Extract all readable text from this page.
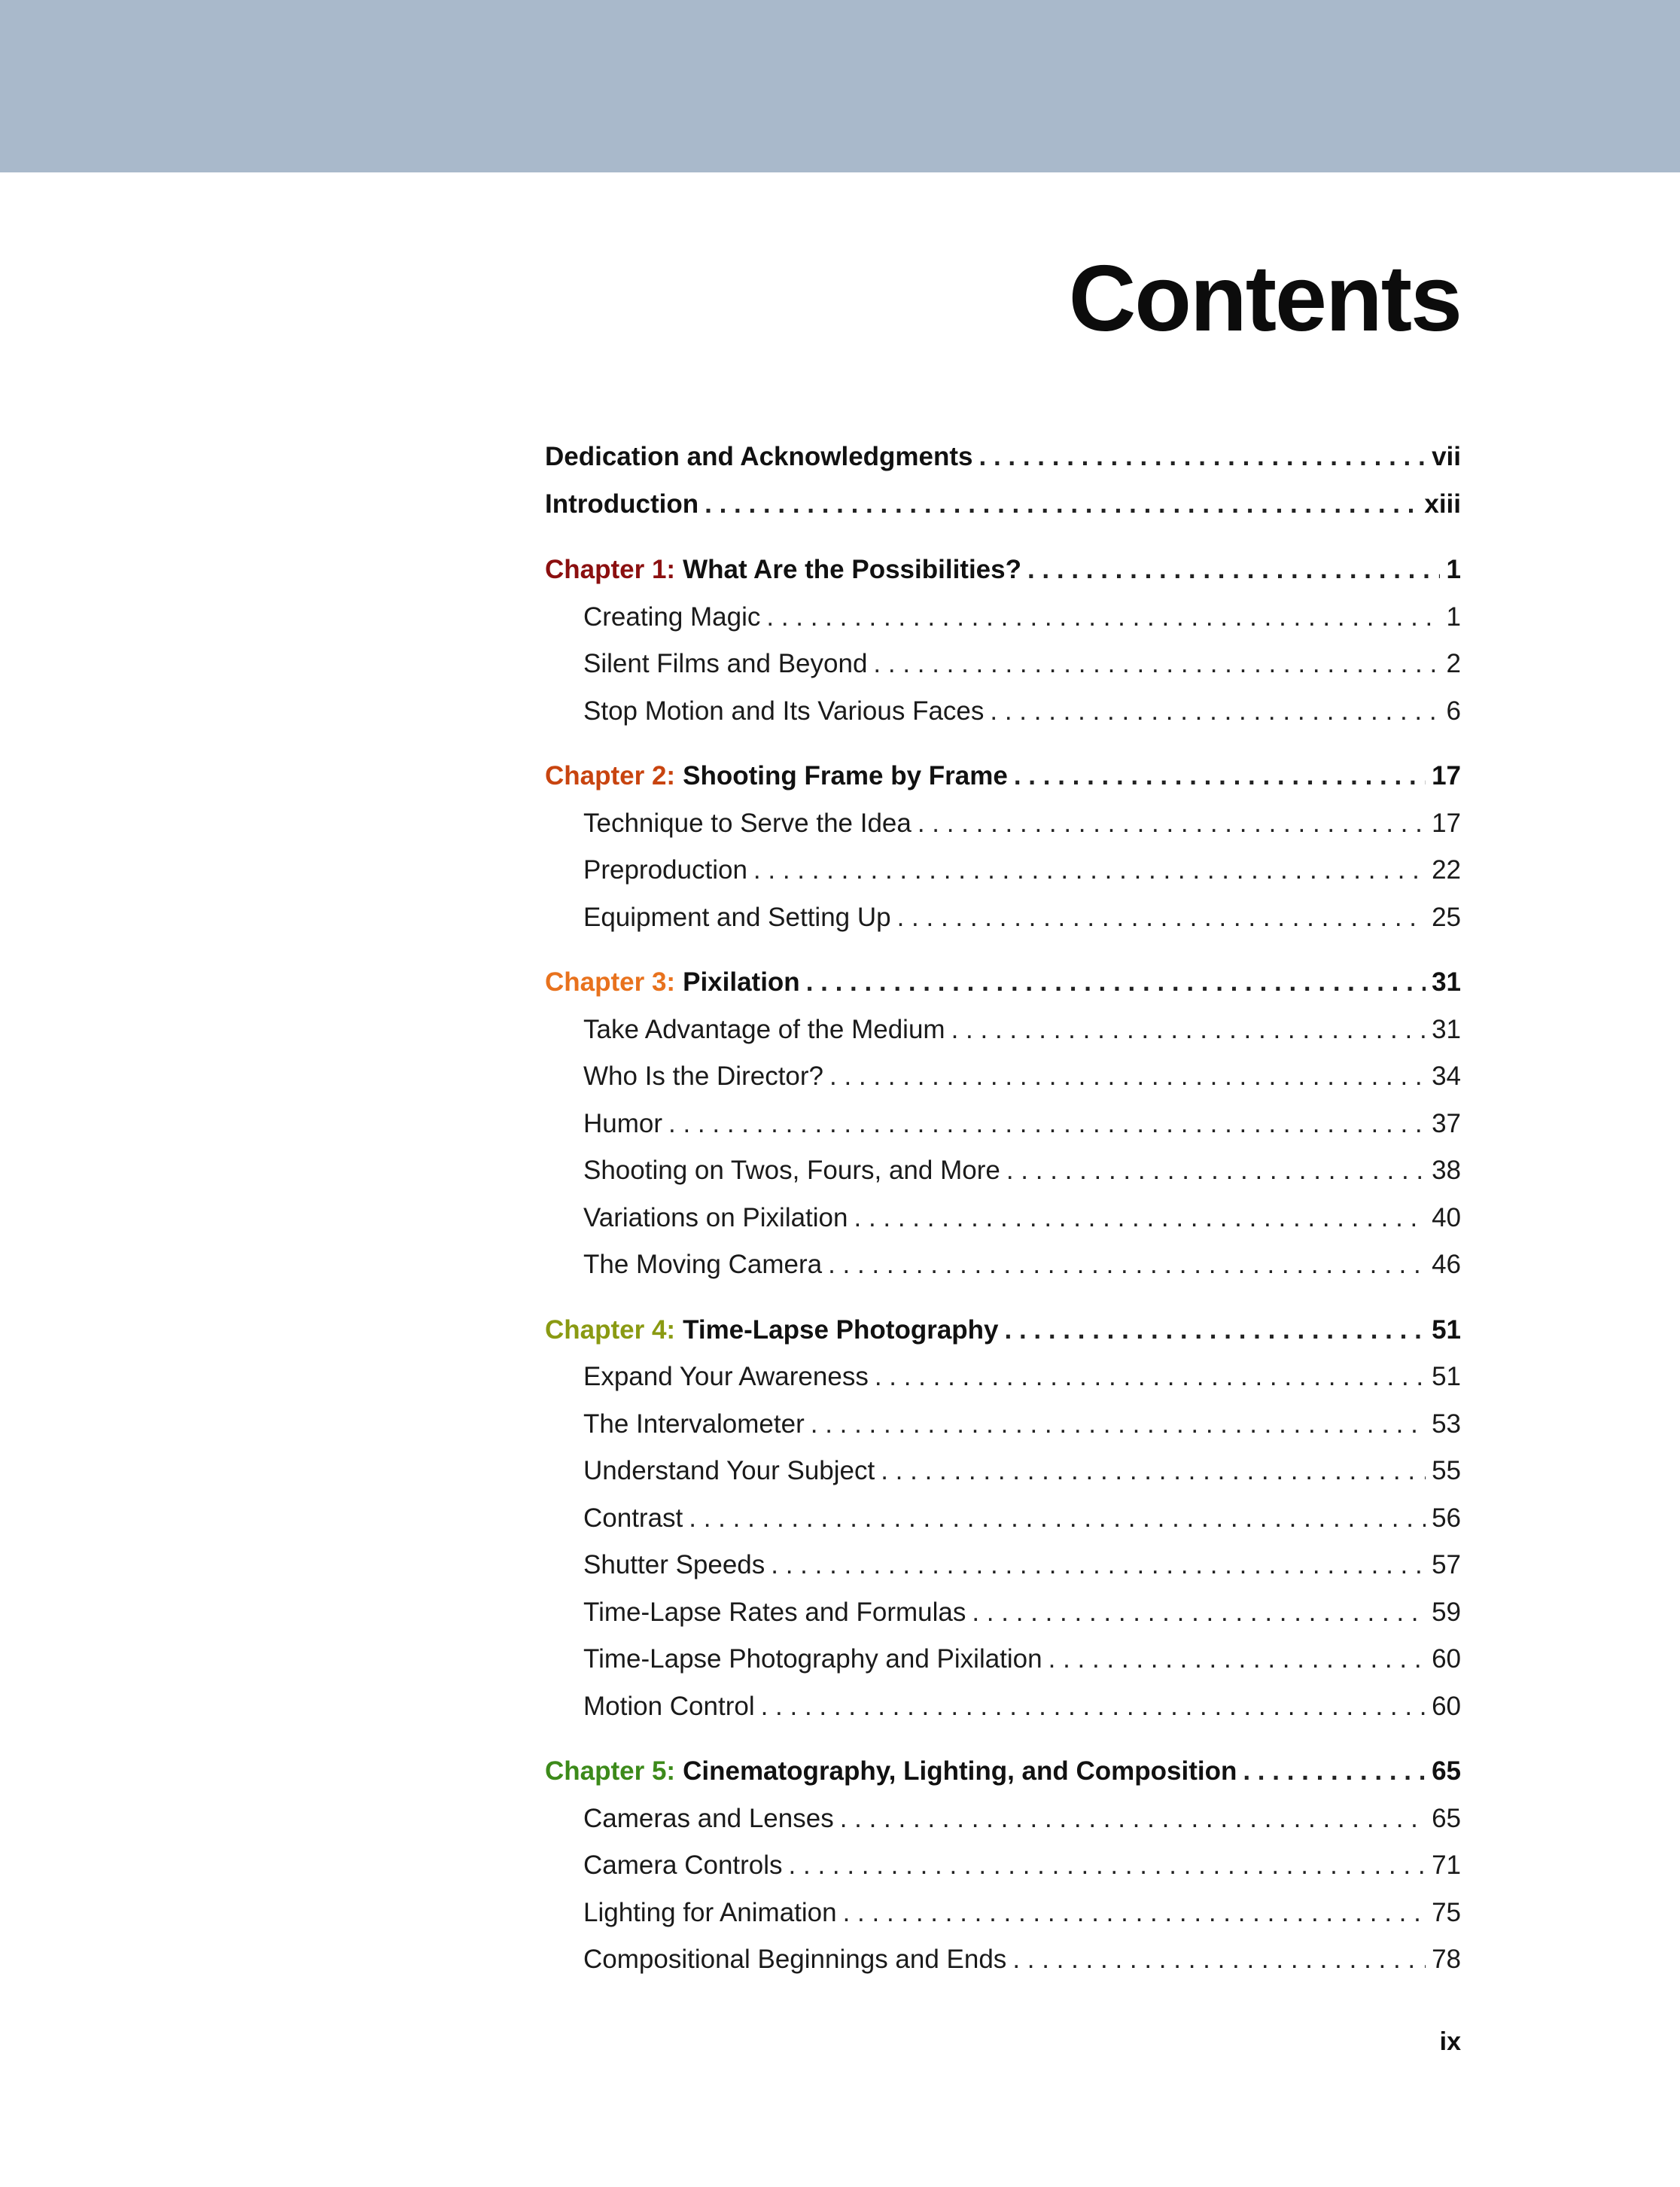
Contents
Dedication and Acknowledgments . . .	vii
Introduction . . .	xiii
Chapter 1: What Are the Possibilities? . . .	1
Creating Magic . . .	1
Silent Films and Beyond . . .	2
Stop Motion and Its Various Faces . . .	6
Chapter 2: Shooting Frame by Frame . . .	17
Technique to Serve the Idea . . .	17
Preproduction . . .	22
Equipment and Setting Up . . .	25
Chapter 3: Pixilation . . .	31
Take Advantage of the Medium . . .	31
Who Is the Director? . . .	34
Humor . . .	37
Shooting on Twos, Fours, and More . . .	38
Variations on Pixilation . . .	40
The Moving Camera . . .	46
Chapter 4: Time-Lapse Photography . . .	51
Expand Your Awareness . . .	51
The Intervalometer . . .	53
Understand Your Subject . . .	55
Contrast . . .	56
Shutter Speeds . . .	57
Time-Lapse Rates and Formulas . . .	59
Time-Lapse Photography and Pixilation . . .	60
Motion Control . . .	60
Chapter 5: Cinematography, Lighting, and Composition . . .	65
Cameras and Lenses . . .	65
Camera Controls . . .	71
Lighting for Animation . . .	75
Compositional Beginnings and Ends . . .	78
ix
